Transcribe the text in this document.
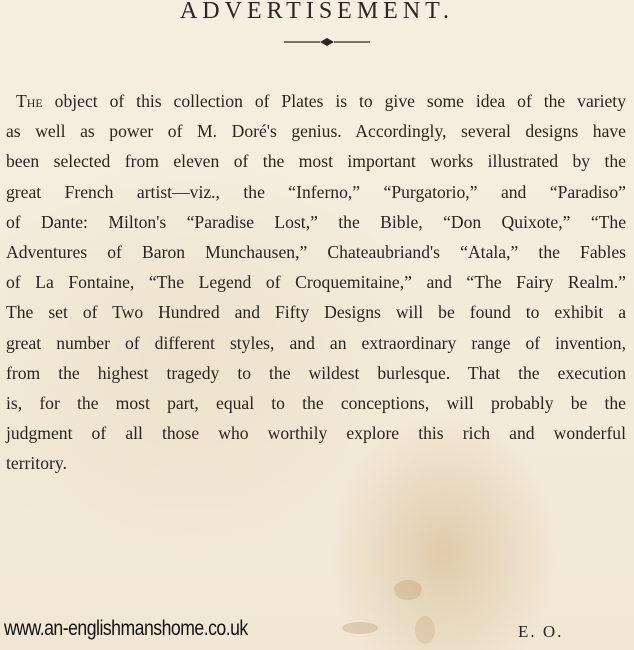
ADVERTISEMENT.
The object of this collection of Plates is to give some idea of the variety
as well as power of M. Doré's genius. Accordingly, several designs have
been selected from eleven of the most important works illustrated by the
great French artist—viz., the “Inferno,” “Purgatorio,” and “Paradiso”
of Dante: Milton's “Paradise Lost,” the Bible, “Don Quixote,” “The
Adventures of Baron Munchausen,” Chateaubriand's “Atala,” the Fables
of La Fontaine, “The Legend of Croquemitaine,” and “The Fairy Realm.”
The set of Two Hundred and Fifty Designs will be found to exhibit a
great number of different styles, and an extraordinary range of invention,
from the highest tragedy to the wildest burlesque. That the execution
is, for the most part, equal to the conceptions, will probably be the
judgment of all those who worthily explore this rich and wonderful
territory.
www.an-englishmanshome.co.uk	E. O.
